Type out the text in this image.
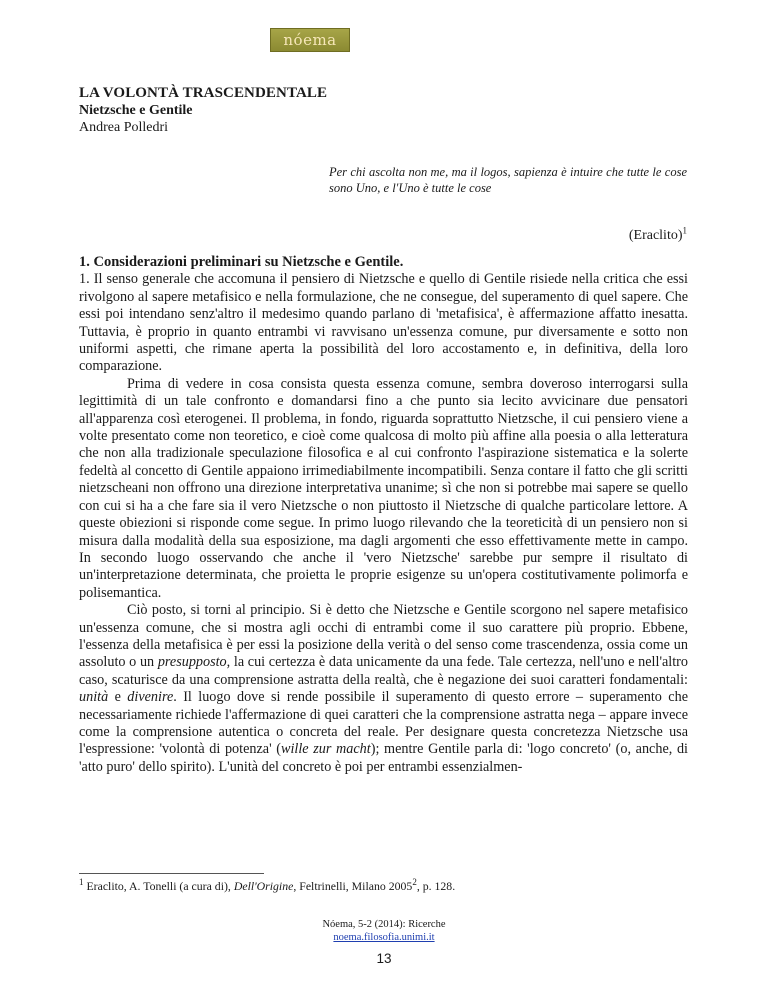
nóema
LA VOLONTÀ TRASCENDENTALE
Nietzsche e Gentile
Andrea Polledri
Per chi ascolta non me, ma il logos, sapienza è intuire che tutte le cose sono Uno, e l'Uno è tutte le cose
(Eraclito)$^1$

1. Considerazioni preliminari su Nietzsche e Gentile.

1. Il senso generale che accomuna il pensiero di Nietzsche e quello di Gentile risiede nella critica che essi rivolgono al sapere metafisico e nella formulazione, che ne consegue, del superamento di quel sapere. Che essi poi intendano senz'altro il medesimo quando parlano di 'metafisica', è affermazione affatto inesatta. Tuttavia, è proprio in quanto entrambi vi ravvisano un'essenza comune, pur diversamente e sotto non uniformi aspetti, che rimane aperta la possibilità del loro accostamento e, in definitiva, della loro comparazione.

Prima di vedere in cosa consista questa essenza comune, sembra doveroso interrogarsi sulla legittimità di un tale confronto e domandarsi fino a che punto sia lecito avvicinare due pensatori all'apparenza così eterogenei. Il problema, in fondo, riguarda soprattutto Nietzsche, il cui pensiero viene a volte presentato come non teoretico, e cioè come qualcosa di molto più affine alla poesia o alla letteratura che non alla tradizionale speculazione filosofica e al cui confronto l'aspirazione sistematica e la solerte fedeltà al concetto di Gentile appaiono irrimediabilmente incompatibili. Senza contare il fatto che gli scritti nietzscheani non offrono una direzione interpretativa unanime; sì che non si potrebbe mai sapere se quello con cui si ha a che fare sia il vero Nietzsche o non piuttosto il Nietzsche di qualche particolare lettore. A queste obiezioni si risponde come segue. In primo luogo rilevando che la teoreticità di un pensiero non si misura dalla modalità della sua esposizione, ma dagli argomenti che esso effettivamente mette in campo. In secondo luogo osservando che anche il 'vero Nietzsche' sarebbe pur sempre il risultato di un'interpretazione determinata, che proietta le proprie esigenze su un'opera costitutivamente polimorfa e polisemantica.

Ciò posto, si torni al principio. Si è detto che Nietzsche e Gentile scorgono nel sapere metafisico un'essenza comune, che si mostra agli occhi di entrambi come il suo carattere più proprio. Ebbene, l'essenza della metafisica è per essi la posizione della verità o del senso come trascendenza, ossia come un assoluto o un presupposto, la cui certezza è data unicamente da una fede. Tale certezza, nell'uno e nell'altro caso, scaturisce da una comprensione astratta della realtà, che è negazione dei suoi caratteri fondamentali: unità e divenire. Il luogo dove si rende possibile il superamento di questo errore – superamento che necessariamente richiede l'affermazione di quei caratteri che la comprensione astratta nega – appare invece come la comprensione autentica o concreta del reale. Per designare questa concretezza Nietzsche usa l'espressione: 'volontà di potenza' (wille zur macht); mentre Gentile parla di: 'logo concreto' (o, anche, di 'atto puro' dello spirito). L'unità del concreto è poi per entrambi essenzialmen-

$^1$ Eraclito, A. Tonelli (a cura di), Dell'Origine, Feltrinelli, Milano 2005$^2$, p. 128.
Nóema, 5-2 (2014): Ricerche
noema.filosofia.unimi.it
13
